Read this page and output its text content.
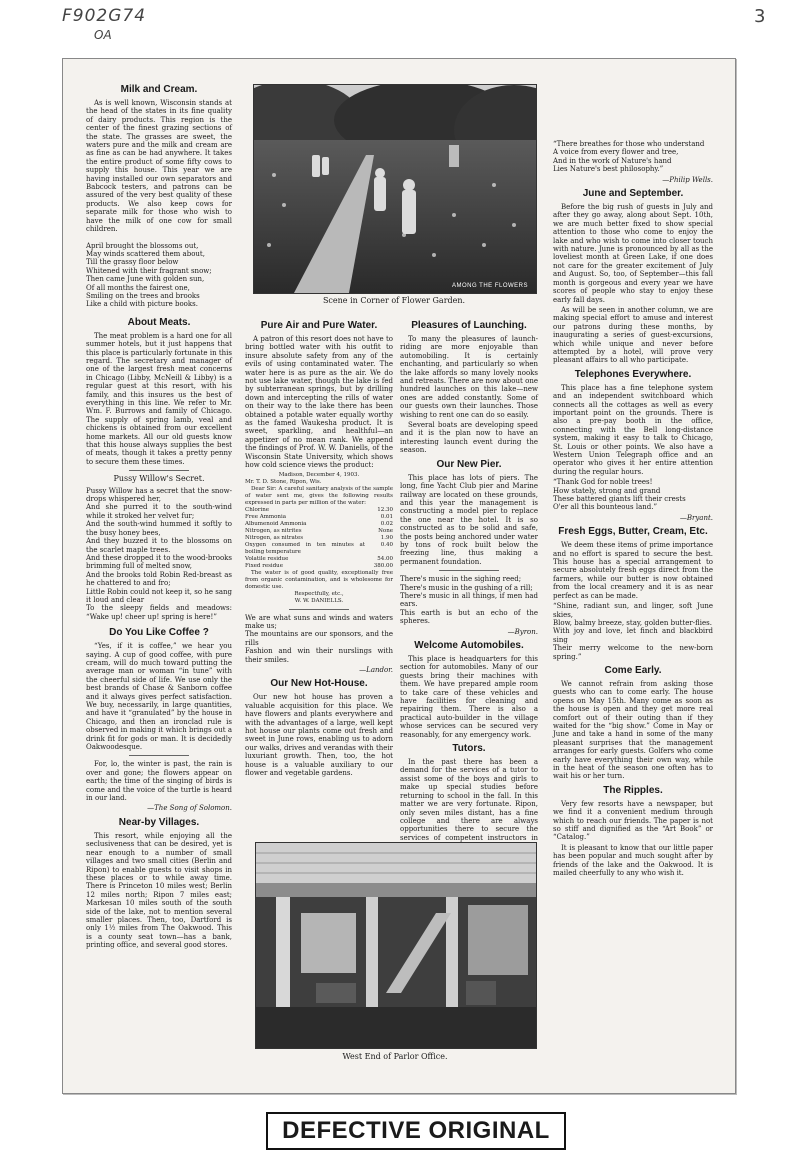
F902G74
OA
3
Milk and Cream.

As is well known, Wisconsin stands at the head of the states in its fine quality of dairy products. This region is the center of the finest grazing sections of the state. The grasses are sweet, the waters pure and the milk and cream are as fine as can be had anywhere. It takes the entire product of some fifty cows to supply this house. This year we are having installed our own separators and Babcock testers, and patrons can be assured of the very best quality of these products. We also keep cows for separate milk for those who wish to have the milk of one cow for small children.

April brought the blossoms out,
May winds scattered them about,
Till the grassy floor below
Whitened with their fragrant snow;
Then came June with golden sun,
Of all months the fairest one,
Smiling on the trees and brooks
Like a child with picture books.
About Meats.

The meat problem is a hard one for all summer hotels, but it just happens that this place is particularly fortunate in this regard. The secretary and manager of one of the largest fresh meat concerns in Chicago (Libby, McNeill & Libby) is a regular guest at this resort, with his family, and this insures us the best of everything in this line. We refer to Mr. Wm. F. Burrows and family of Chicago. The supply of spring lamb, veal and chickens is obtained from our excellent home markets. All our old guests know that this house always supplies the best of meats, though it takes a pretty penny to secure them these times.

Pussy Willow's Secret.
Pussy Willow has a secret that the snow-drops whispered her,
And she purred it to the south-wind while it stroked her velvet fur;
And the south-wind hummed it softly to the busy honey bees,
And they buzzed it to the blossoms on the scarlet maple trees.
And these dropped it to the wood-brooks brimming full of melted snow,
And the brooks told Robin Red-breast as he chattered to and fro;
Little Robin could not keep it, so he sang it loud and clear
To the sleepy fields and meadows: “Wake up! cheer up! spring is here!”
Do You Like Coffee ?

“Yes, if it is coffee,” we hear you saying. A cup of good coffee, with pure cream, will do much toward putting the average man or woman “in tune” with the cheerful side of life. We use only the best brands of Chase & Sanborn coffee and it always gives perfect satisfaction. We buy, necessarily, in large quantities, and have it “granulated” by the house in Chicago, and then an ironclad rule is observed in making it which brings out a drink fit for gods or man. It is decidedly Oakwoodesque.

For, lo, the winter is past, the rain is over and gone; the flowers appear on earth; the time of the singing of birds is come and the voice of the turtle is heard in our land.

—The Song of Solomon.
Near-by Villages.

This resort, while enjoying all the seclusiveness that can be desired, yet is near enough to a number of small villages and two small cities (Berlin and Ripon) to enable guests to visit shops in these places or to while away time. There is Princeton 10 miles west; Berlin 12 miles north; Ripon 7 miles east; Markesan 10 miles south of the south side of the lake, not to mention several smaller places. Then, too, Dartford is only 1½ miles from The Oakwood. This is a county seat town—has a bank, printing office, and several good stores.

AMONG THE FLOWERS
Scene in Corner of Flower Garden.
Pure Air and Pure Water.

A patron of this resort does not have to bring bottled water with his outfit to insure absolute safety from any of the evils of using contaminated water. The water here is as pure as the air. We do not use lake water, though the lake is fed by subterranean springs, but by drilling down and intercepting the rills of water on their way to the lake there has been obtained a potable water equally worthy as the famed Waukesha product. It is sweet, sparkling, and healthful—an appetizer of no mean rank. We append the findings of Prof. W. W. Daniells, of the Wisconsin State University, which shows how cold science views the product:

Madison, December 4, 1903.
Mr. T. D. Stone, Ripon, Wis.
Dear Sir: A careful sanitary analysis of the sample of water sent me, gives the following results expressed in parts per million of the water:
Chlorine	12.30
Free Ammonia	0.01
Albumenoid Ammonia	0.02
Nitrogen, as nitrites	None
Nitrogen, as nitrates	1.90
Oxygen consumed in ten minutes at boiling temperature
0.40
Volatile residue	54.00
Fixed residue	380.00
The water is of good quality, exceptionally free from organic contamination, and is wholesome for domestic use.
Respectfully, etc.,
W. W. DANIELLS.
We are what suns and winds and waters make us;
The mountains are our sponsors, and the rills
Fashion and win their nurslings with their smiles.
—Landor.
Our New Hot-House.

Our new hot house has proven a valuable acquisition for this place. We have flowers and plants everywhere and with the advantages of a large, well kept hot house our plants come out fresh and sweet in June rows, enabling us to adorn our walks, drives and verandas with their luxuriant growth. Then, too, the hot house is a valuable auxiliary to our flower and vegetable gardens.

Pleasures of Launching.

To many the pleasures of launch-riding are more enjoyable than automobiling. It is certainly enchanting, and particularly so when the lake affords so many lovely nooks and retreats. There are now about one hundred launches on this lake—new ones are added constantly. Some of our guests own their launches. Those wishing to rent one can do so easily.

Several boats are developing speed and it is the plan now to have an interesting launch event during the season.

Our New Pier.

This place has lots of piers. The long, fine Yacht Club pier and Marine railway are located on these grounds, and this year the management is constructing a model pier to replace the one near the hotel. It is so constructed as to be solid and safe, the posts being anchored under water by tons of rock built below the freezing line, thus making a permanent foundation.

There's music in the sighing reed;
There's music in the gushing of a rill;
There's music in all things, if men had ears.
This earth is but an echo of the spheres.
—Byron.
Welcome Automobiles.

This place is headquarters for this section for automobiles. Many of our guests bring their machines with them. We have prepared ample room to take care of these vehicles and have facilities for cleaning and repairing them. There is also a practical auto-builder in the village whose services can be secured very reasonably, for any emergency work.

Tutors.

In the past there has been a demand for the services of a tutor to assist some of the boys and girls to make up special studies before returning to school in the fall. In this matter we are very fortunate. Ripon, only seven miles distant, has a fine college and there are always opportunities there to secure the services of competent instructors in

West End of Parlor Office.
“There breathes for those who understand
A voice from every flower and tree,
And in the work of Nature's hand
Lies Nature's best philosophy.”
—Philip Wells.
June and September.

Before the big rush of guests in July and after they go away, along about Sept. 10th, we are much better fixed to show special attention to those who come to enjoy the lake and who wish to come into closer touch with nature. June is pronounced by all as the loveliest month at Green Lake, if one does not care for the greater excitement of July and August. So, too, of September—this fall month is gorgeous and every year we have scores of people who stay to enjoy these early fall days.

As will be seen in another column, we are making special effort to amuse and interest our patrons during these months, by inaugurating a series of guest-excursions, which while unique and never before attempted by a hotel, will prove very pleasant affairs to all who participate.

Telephones Everywhere.

This place has a fine telephone system and an independent switchboard which connects all the cottages as well as every important point on the grounds. There is also a pre-pay booth in the office, connecting with the Bell long-distance system, making it easy to talk to Chicago, St. Louis or other points. We also have a Western Union Telegraph office and an operator who gives it her entire attention during the regular hours.

“Thank God for noble trees!
How stately, strong and grand
These battered giants lift their crests
O'er all this bounteous land.”
—Bryant.
Fresh Eggs, Butter, Cream, Etc.

We deem these items of prime importance and no effort is spared to secure the best. This house has a special arrangement to secure absolutely fresh eggs direct from the farmers, while our butter is now obtained from the local creamery and it is as near perfect as can be made.

“Shine, radiant sun, and linger, soft June skies,
Blow, balmy breeze, stay, golden butter-flies.
With joy and love, let finch and blackbird sing
Their merry welcome to the new-born spring.”
Come Early.

We cannot refrain from asking those guests who can to come early. The house opens on May 15th. Many come as soon as the house is open and they get more real comfort out of their outing than if they waited for the “big show.” Come in May or June and take a hand in some of the many pleasant surprises that the management arranges for early guests. Golfers who come early have everything their own way, while in the heat of the season one often has to wait his or her turn.

The Ripples.

Very few resorts have a newspaper, but we find it a convenient medium through which to reach our friends. The paper is not so stiff and dignified as the “Art Book” or “Catalog.”

It is pleasant to know that our little paper has been popular and much sought after by friends of the lake and the Oakwood. It is mailed cheerfully to any who wish it.

DEFECTIVE ORIGINAL
